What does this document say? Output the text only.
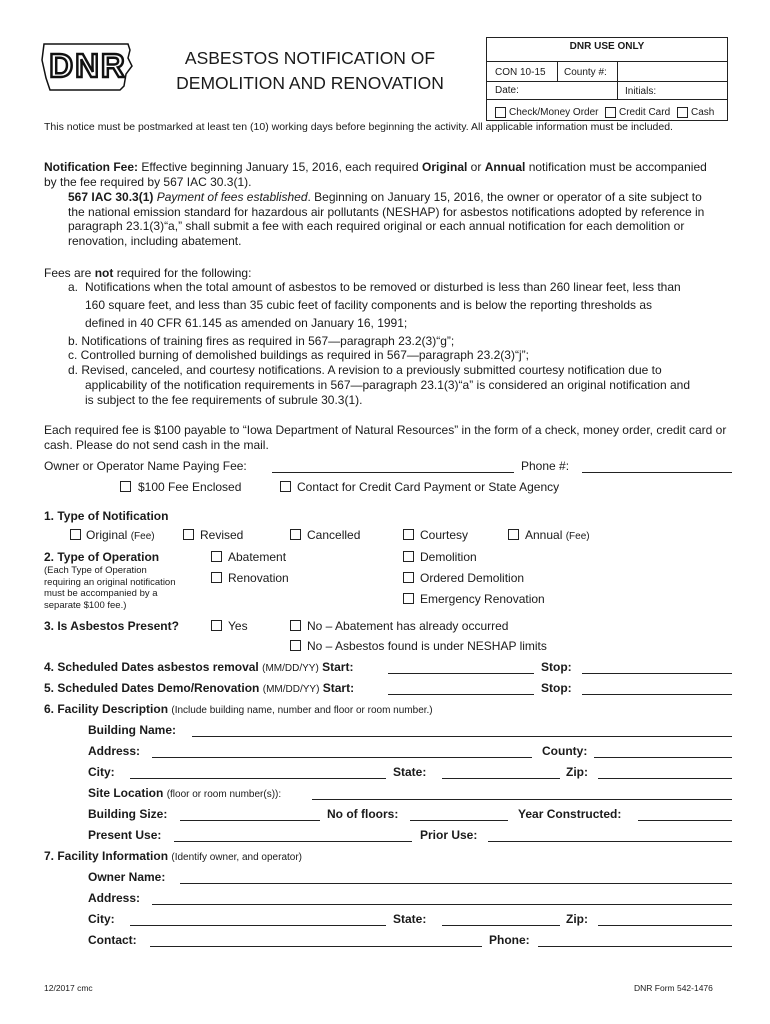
DNR	ASBESTOS NOTIFICATION OF
DEMOLITION AND RENOVATION
DNR USE ONLY
CON 10-15 County #:
Date:	Initials:
Check/Money Order Credit Card Cash
This notice must be postmarked at least ten (10) working days before beginning the activity. All applicable information must be included.
Notification Fee: Effective beginning January 15, 2016, each required Original or Annual notification must be accompanied by the fee required by 567 IAC 30.3(1).
567 IAC 30.3(1) Payment of fees established. Beginning on January 15, 2016, the owner or operator of a site subject to the national emission standard for hazardous air pollutants (NESHAP) for asbestos notifications adopted by reference in paragraph 23.1(3)“a,” shall submit a fee with each required original or each annual notification for each demolition or renovation, including abatement.
Fees are not required for the following:
a. Notifications when the total amount of asbestos to be removed or disturbed is less than 260 linear feet, less than
160 square feet, and less than 35 cubic feet of facility components and is below the reporting thresholds as
defined in 40 CFR 61.145 as amended on January 16, 1991;
b. Notifications of training fires as required in 567—paragraph 23.2(3)“g”;
c. Controlled burning of demolished buildings as required in 567—paragraph 23.2(3)“j”;
d. Revised, canceled, and courtesy notifications. A revision to a previously submitted courtesy notification due to
applicability of the notification requirements in 567—paragraph 23.1(3)“a” is considered an original notification and
is subject to the fee requirements of subrule 30.3(1).
Each required fee is $100 payable to “Iowa Department of Natural Resources” in the form of a check, money order, credit card or cash. Please do not send cash in the mail.
Owner or Operator Name Paying Fee:	Phone #:
$100 Fee Enclosed	Contact for Credit Card Payment or State Agency
1. Type of Notification
Original (Fee)	Revised	Cancelled	Courtesy	Annual (Fee)
2. Type of Operation
(Each Type of Operation
requiring an original notification
must be accompanied by a
separate $100 fee.)
Abatement
Renovation
Demolition
Ordered Demolition
Emergency Renovation
3. Is Asbestos Present?	Yes	No – Abatement has already occurred
No – Asbestos found is under NESHAP limits
4. Scheduled Dates asbestos removal (MM/DD/YY) Start:	Stop:
5. Scheduled Dates Demo/Renovation (MM/DD/YY) Start:	Stop:
6. Facility Description (Include building name, number and floor or room number.)
Building Name:
Address:	County:
City:	State:	Zip:
Site Location (floor or room number(s)):
Building Size:	No of floors:	Year Constructed:
Present Use:	Prior Use:
7. Facility Information (Identify owner, and operator)
Owner Name:
Address:
City:	State:	Zip:
Contact:	Phone:
12/2017 cmc	DNR Form 542-1476
